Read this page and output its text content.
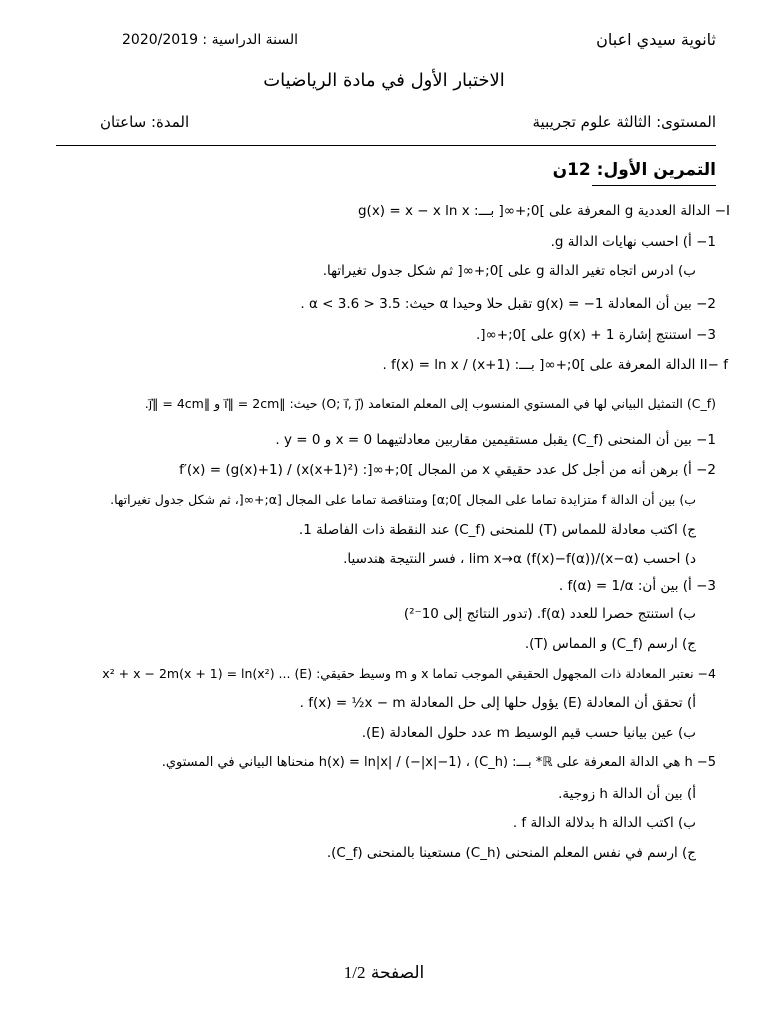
ثانوية سيدي اعبان
السنة الدراسية : 2020/2019
الاختبار الأول في مادة الرياضيات
المستوى: الثالثة علوم تجريبية
المدة: ساعتان
التمرين الأول: 12ن
I− الدالة العددية g المعرفة على ]0;+∞[ بـــ: g(x) = x − x ln x
1− أ) احسب نهايات الدالة g.
ب) ادرس اتجاه تغير الدالة g على ]0;+∞[ ثم شكل جدول تغيراتها.
2− بين أن المعادلة g(x) = −1 تقبل حلا وحيدا α حيث: 3.5 < α < 3.6 .
3− استنتج إشارة g(x) + 1 على ]0;+∞[.
II− f الدالة المعرفة على ]0;+∞[ بـــ: f(x) = ln x / (x+1) .
(C_f) التمثيل البياني لها في المستوي المنسوب إلى المعلم المتعامد (O; i⃗, j⃗) حيث: ‖i⃗‖ = 2cm و ‖j⃗‖ = 4cm.
1− بين أن المنحنى (C_f) يقبل مستقيمين مقاربين معادلتيهما x = 0 و y = 0 .
2− أ) برهن أنه من أجل كل عدد حقيقي x من المجال ]0;+∞[: f′(x) = (g(x)+1) / (x(x+1)²)
ب) بين أن الدالة f متزايدة تماما على المجال ]0;α] ومتناقصة تماما على المجال [α;+∞[، ثم شكل جدول تغيراتها.
ج) اكتب معادلة للمماس (T) للمنحنى (C_f) عند النقطة ذات الفاصلة 1.
د) احسب lim x→α (f(x)−f(α))/(x−α) ، فسر النتيجة هندسيا.
3− أ) بين أن: f(α) = 1/α .
ب) استنتج حصرا للعدد f(α). (تدور النتائج إلى 10⁻²)
ج) ارسم (C_f) و المماس (T).
4− نعتبر المعادلة ذات المجهول الحقيقي الموجب تماما x و m وسيط حقيقي: (E) ... x² + x − 2m(x + 1) = ln(x²)
أ) تحقق أن المعادلة (E) يؤول حلها إلى حل المعادلة f(x) = ½x − m .
ب) عين بيانيا حسب قيم الوسيط m عدد حلول المعادلة (E).
5− h هي الدالة المعرفة على ℝ* بـــ: h(x) = ln|x| / (−|x|−1) ، (C_h) منحناها البياني في المستوي.
أ) بين أن الدالة h زوجية.
ب) اكتب الدالة h بدلالة الدالة f .
ج) ارسم في نفس المعلم المنحنى (C_h) مستعينا بالمنحنى (C_f).
الصفحة 1/2
